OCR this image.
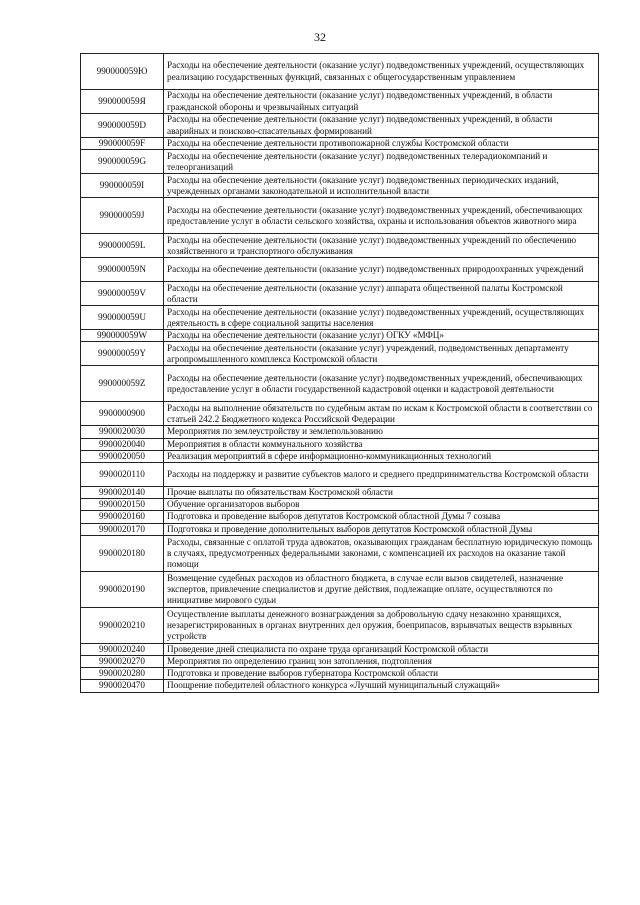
32
990000059Ю	Расходы на обеспечение деятельности (оказание услуг) подведомственных учреждений, осуществляющих реализацию государственных функций, связанных с общегосударственным управлением
990000059Я	Расходы на обеспечение деятельности (оказание услуг) подведомственных учреждений, в области гражданской обороны и чрезвычайных ситуаций
990000059D	Расходы на обеспечение деятельности (оказание услуг) подведомственных учреждений, в области аварийных и поисково-спасательных формирований
990000059F	Расходы на обеспечение деятельности противопожарной службы Костромской области
990000059G	Расходы на обеспечение деятельности (оказание услуг) подведомственных телерадиокомпаний и телеорганизаций
990000059I	Расходы на обеспечение деятельности (оказание услуг) подведомственных периодических изданий, учрежденных органами законодательной и исполнительной власти
990000059J	Расходы на обеспечение деятельности (оказание услуг) подведомственных учреждений, обеспечивающих предоставление услуг в области сельского хозяйства, охраны и использования объектов животного мира
990000059L	Расходы на обеспечение деятельности (оказание услуг) подведомственных учреждений по обеспечению хозяйственного и транспортного обслуживания
990000059N	Расходы на обеспечение деятельности (оказание услуг) подведомственных природоохранных учреждений
990000059V	Расходы на обеспечение деятельности (оказание услуг) аппарата общественной палаты Костромской области
990000059U	Расходы на обеспечение деятельности (оказание услуг) подведомственных учреждений, осуществляющих деятельность в сфере социальной защиты населения
990000059W	Расходы на обеспечение деятельности (оказание услуг) ОГКУ «МФЦ»
990000059Y	Расходы на обеспечение деятельности (оказание услуг) учреждений, подведомственных департаменту агропромышленного комплекса Костромской области
990000059Z	Расходы на обеспечение деятельности (оказание услуг) подведомственных учреждений, обеспечивающих предоставление услуг в области государственной кадастровой оценки и кадастровой деятельности
9900000900	Расходы на выполнение обязательств по судебным актам по искам к Костромской области в соответствии со статьей 242.2 Бюджетного кодекса Российской Федерации
9900020030	Мероприятия по землеустройству и землепользованию
9900020040	Мероприятия в области коммунального хозяйства
9900020050	Реализация мероприятий в сфере информационно-коммуникационных технологий
9900020110	Расходы на поддержку и развитие субъектов малого и среднего предпринимательства Костромской области
9900020140	Прочие выплаты по обязательствам Костромской области
9900020150	Обучение организаторов выборов
9900020160	Подготовка и проведение выборов депутатов Костромской областной Думы 7 созыва
9900020170	Подготовка и проведение дополнительных выборов депутатов Костромской областной Думы
9900020180	Расходы, связанные с оплатой труда адвокатов, оказывающих гражданам бесплатную юридическую помощь в случаях, предусмотренных федеральными законами, с компенсацией их расходов на оказание такой помощи
9900020190	Возмещение судебных расходов из областного бюджета, в случае если вызов свидетелей, назначение экспертов, привлечение специалистов и другие действия, подлежащие оплате, осуществляются по инициативе мирового судьи
9900020210	Осуществление выплаты денежного вознаграждения за добровольную сдачу незаконно хранящихся, незарегистрированных в органах внутренних дел оружия, боеприпасов, взрывчатых веществ взрывных устройств
9900020240	Проведение дней специалиста по охране труда организаций Костромской области
9900020270	Мероприятия по определению границ зон затопления, подтопления
9900020280	Подготовка и проведение выборов губернатора Костромской области
9900020470	Поощрение победителей областного конкурса «Лучший муниципальный служащий»
